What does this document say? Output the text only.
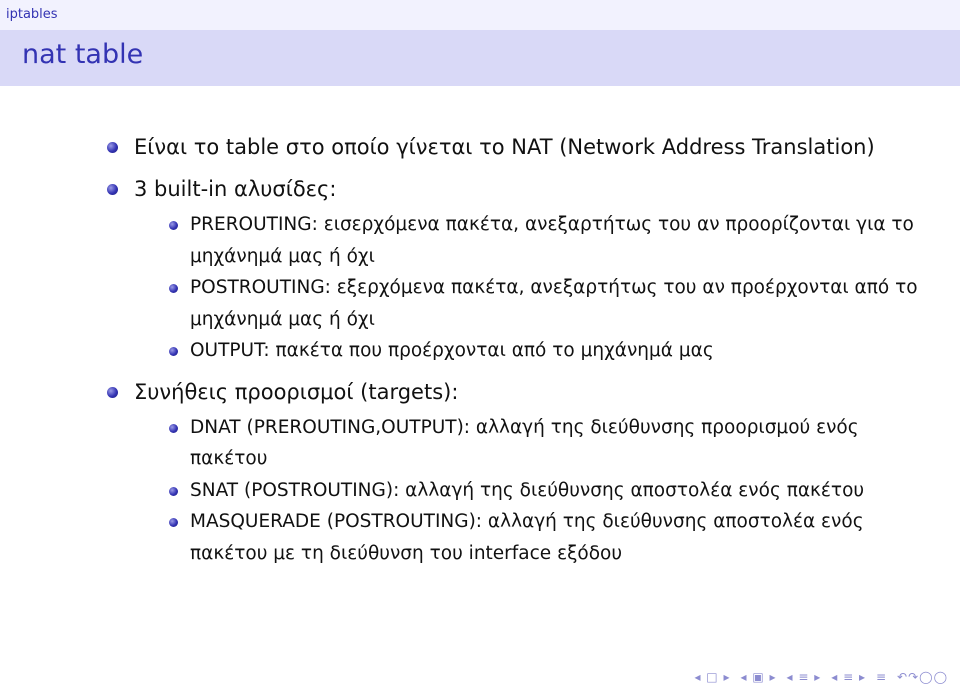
iptables
nat table
Είναι το table στο οποίο γίνεται το NAT (Network Address Translation)
3 built-in αλυσίδες:
PREROUTING: εισερχόμενα πακέτα, ανεξαρτήτως του αν προορίζονται για το μηχάνημά μας ή όχι
POSTROUTING: εξερχόμενα πακέτα, ανεξαρτήτως του αν προέρχονται από το μηχάνημά μας ή όχι
OUTPUT: πακέτα που προέρχονται από το μηχάνημά μας
Συνήθεις προορισμοί (targets):
DNAT (PREROUTING,OUTPUT): αλλαγή της διεύθυνσης προορισμού ενός πακέτου
SNAT (POSTROUTING): αλλαγή της διεύθυνσης αποστολέα ενός πακέτου
MASQUERADE (POSTROUTING): αλλαγή της διεύθυνσης αποστολέα ενός πακέτου με τη διεύθυνση του interface εξόδου
◂ □ ▸ ◂ ▣ ▸ ◂ ≡ ▸ ◂ ≡ ▸ ≡ ↶↷◯◯
